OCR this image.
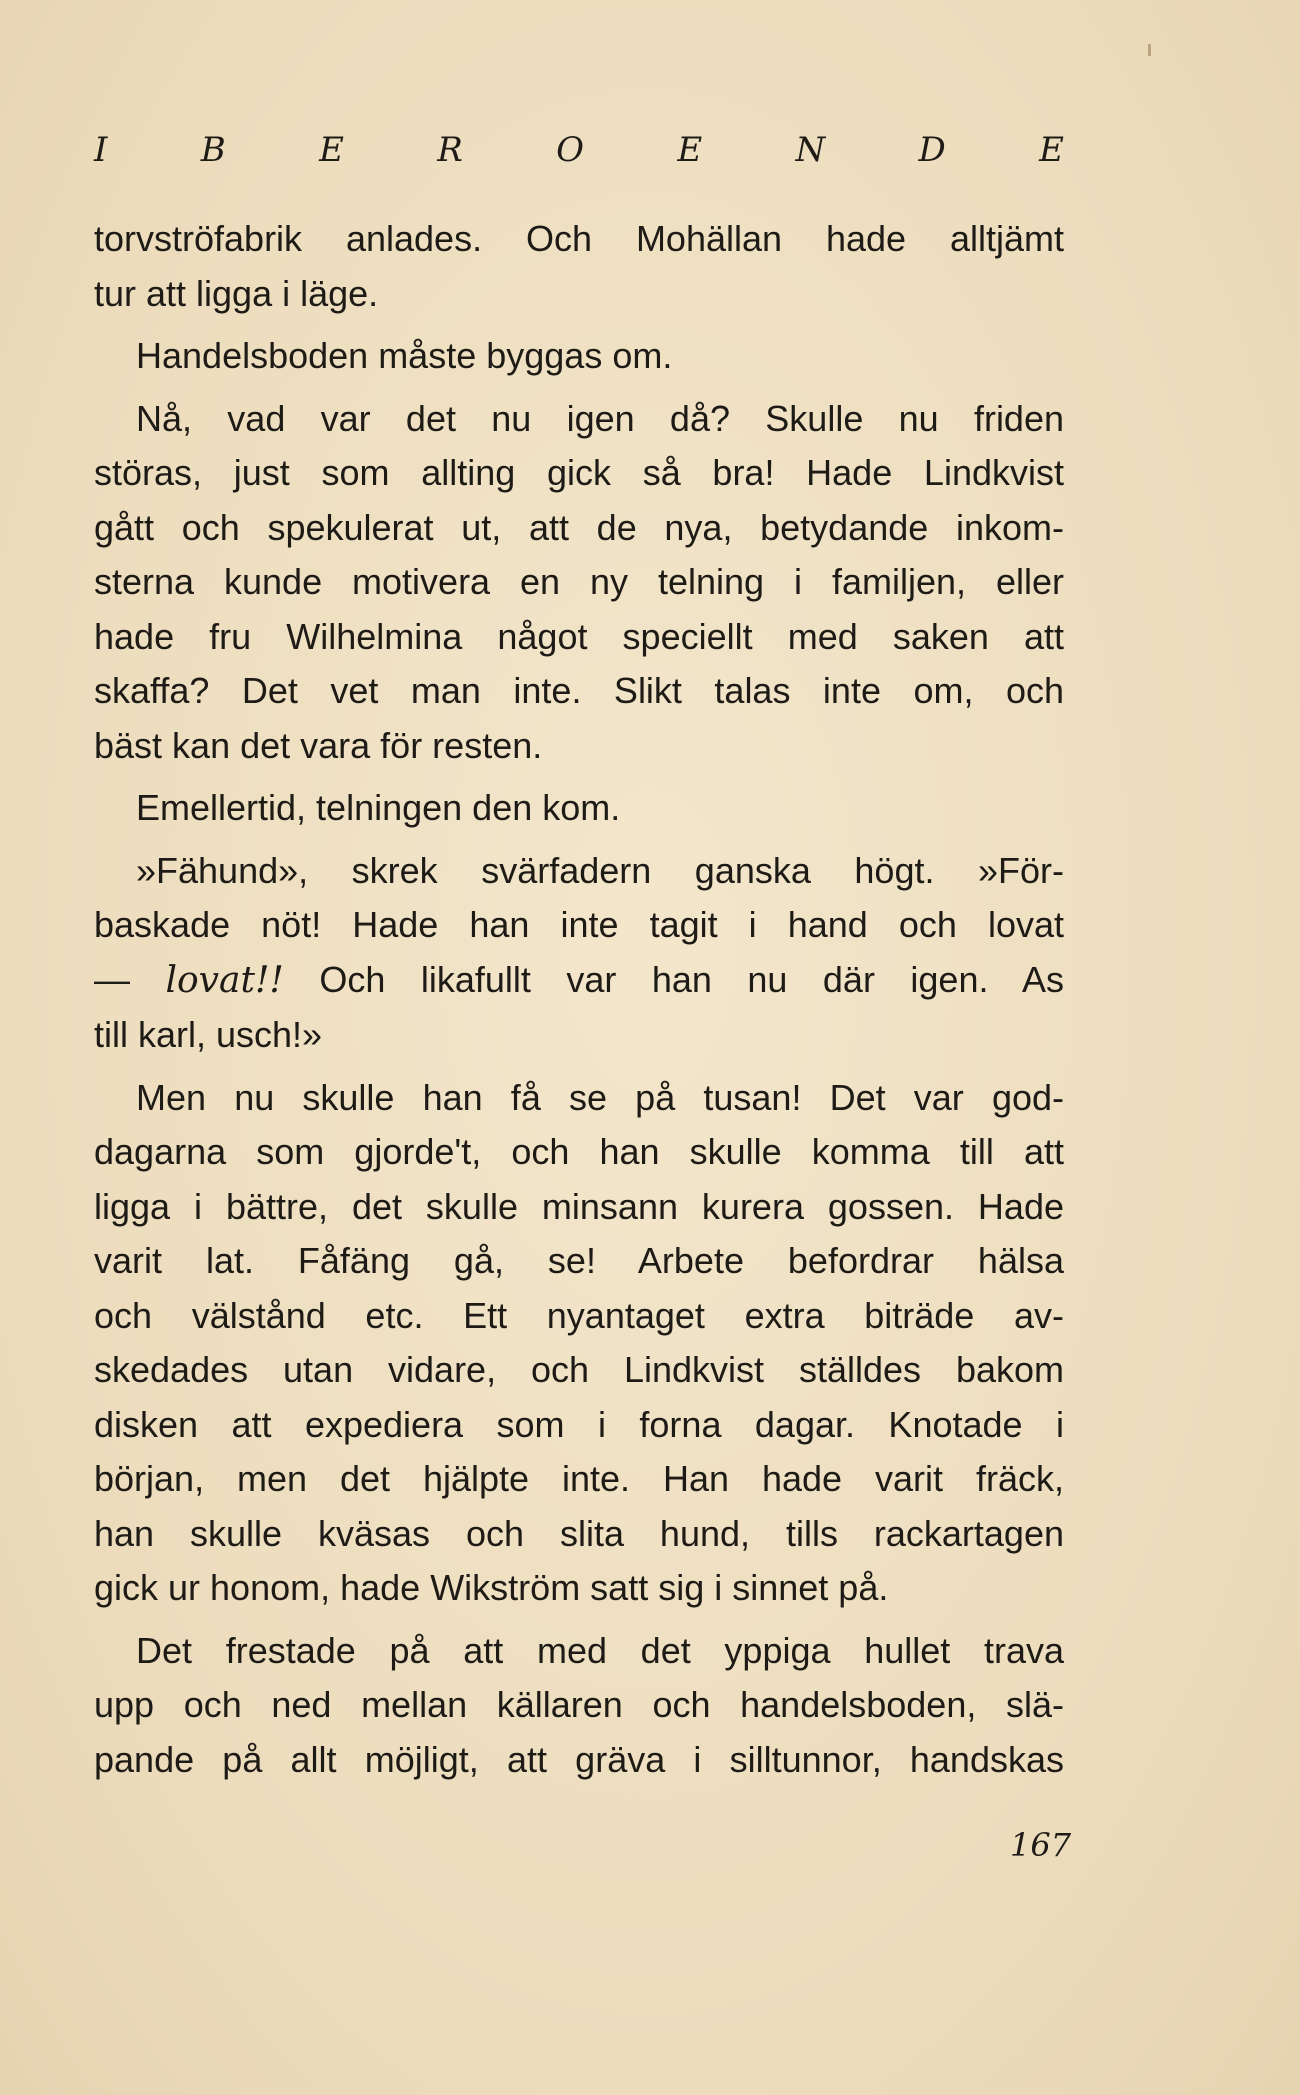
I	B	E	R	O	E	N	D	E
torvströfabrik anlades. Och Mohällan hade alltjämt
tur att ligga i läge.
Handelsboden måste byggas om.
Nå, vad var det nu igen då? Skulle nu friden
störas, just som allting gick så bra! Hade Lindkvist
gått och spekulerat ut, att de nya, betydande inkom-
sterna kunde motivera en ny telning i familjen, eller
hade fru Wilhelmina något speciellt med saken att
skaffa? Det vet man inte. Slikt talas inte om, och
bäst kan det vara för resten.
Emellertid, telningen den kom.
»Fähund», skrek svärfadern ganska högt. »För-
baskade nöt! Hade han inte tagit i hand och lovat
— lovat!! Och likafullt var han nu där igen. As
till karl, usch!»
Men nu skulle han få se på tusan! Det var god-
dagarna som gjorde't, och han skulle komma till att
ligga i bättre, det skulle minsann kurera gossen. Hade
varit lat. Fåfäng gå, se! Arbete befordrar hälsa
och välstånd etc. Ett nyantaget extra biträde av-
skedades utan vidare, och Lindkvist ställdes bakom
disken att expediera som i forna dagar. Knotade i
början, men det hjälpte inte. Han hade varit fräck,
han skulle kväsas och slita hund, tills rackartagen
gick ur honom, hade Wikström satt sig i sinnet på.
Det frestade på att med det yppiga hullet trava
upp och ned mellan källaren och handelsboden, slä-
pande på allt möjligt, att gräva i silltunnor, handskas
167
